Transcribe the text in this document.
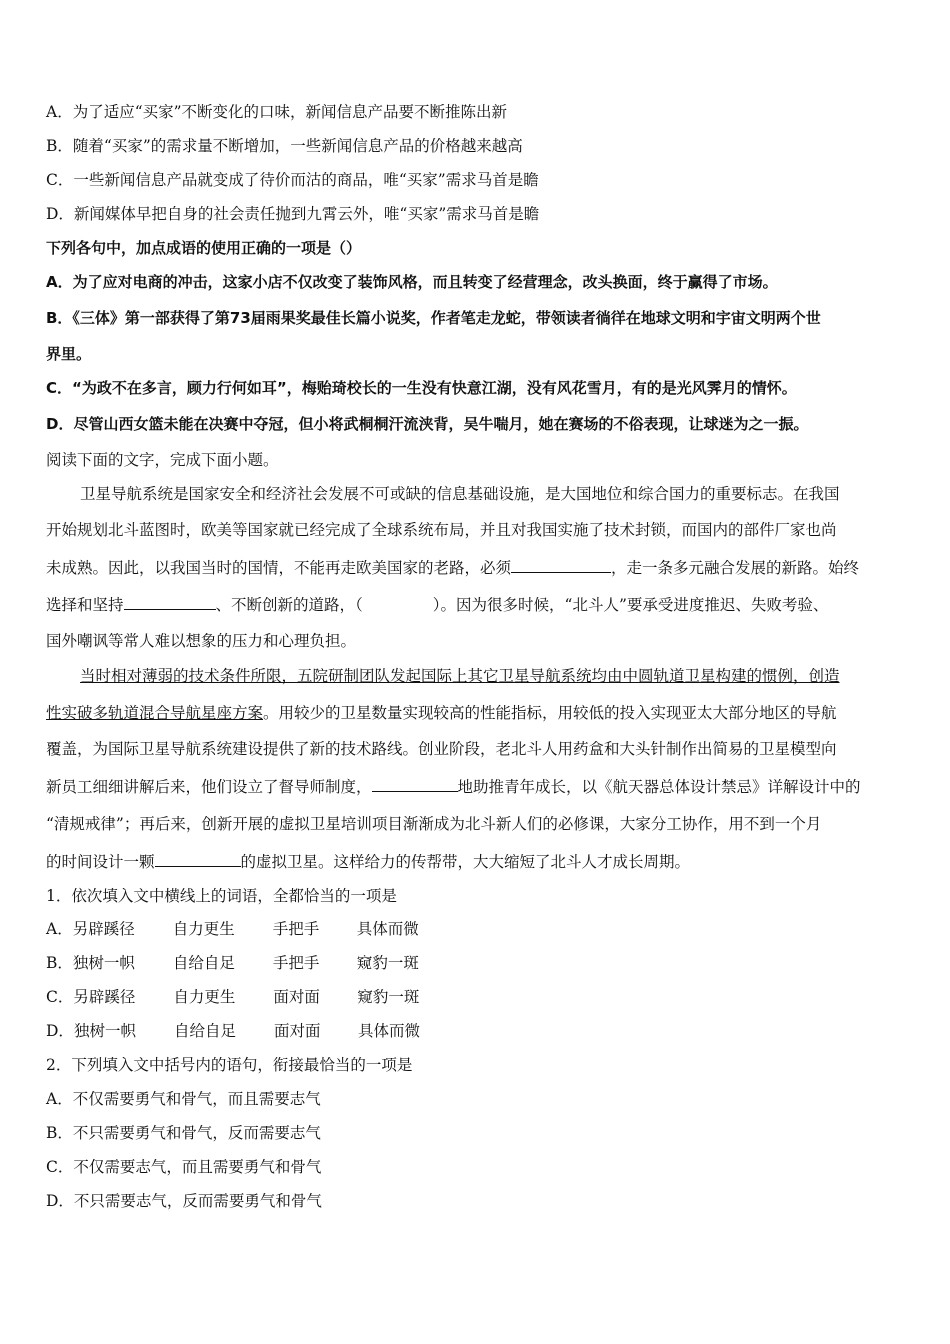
A．为了适应“买家”不断变化的口味，新闻信息产品要不断推陈出新
B．随着“买家”的需求量不断增加，一些新闻信息产品的价格越来越高
C．一些新闻信息产品就变成了待价而沽的商品，唯“买家”需求马首是瞻
D．新闻媒体早把自身的社会责任抛到九霄云外，唯“买家”需求马首是瞻
下列各句中，加点成语的使用正确的一项是（）
A．为了应对电商的冲击，这家小店不仅改变了装饰风格，而且转变了经营理念，改头换面，终于赢得了市场。
B．《三体》第一部获得了第73届雨果奖最佳长篇小说奖，作者笔走龙蛇，带领读者徜徉在地球文明和宇宙文明两个世
界里。
C．“为政不在多言，顾力行何如耳”，梅贻琦校长的一生没有快意江湖，没有风花雪月，有的是光风霁月的情怀。
D．尽管山西女篮未能在决赛中夺冠，但小将武桐桐汗流浃背，吴牛喘月，她在赛场的不俗表现，让球迷为之一振。
阅读下面的文字，完成下面小题。
卫星导航系统是国家安全和经济社会发展不可或缺的信息基础设施，是大国地位和综合国力的重要标志。在我国
开始规划北斗蓝图时，欧美等国家就已经完成了全球系统布局，并且对我国实施了技术封锁，而国内的部件厂家也尚
未成熟。因此，以我国当时的国情，不能再走欧美国家的老路，必须	，走一条多元融合发展的新路。始终
选择和坚持	、不断创新的道路，（	）。因为很多时候，“北斗人”要承受进度推迟、失败考验、
国外嘲讽等常人难以想象的压力和心理负担。
当时相对薄弱的技术条件所限，五院研制团队发起国际上其它卫星导航系统均由中圆轨道卫星构建的惯例，创造
性实破多轨道混合导航星座方案。用较少的卫星数量实现较高的性能指标，用较低的投入实现亚太大部分地区的导航
覆盖，为国际卫星导航系统建设提供了新的技术路线。创业阶段，老北斗人用药盒和大头针制作出简易的卫星模型向
新员工细细讲解后来，他们设立了督导师制度，	地助推青年成长，以《航天器总体设计禁忌》详解设计中的
“清规戒律”；再后来，创新开展的虚拟卫星培训项目渐渐成为北斗新人们的必修课，大家分工协作，用不到一个月
的时间设计一颗	的虚拟卫星。这样给力的传帮带，大大缩短了北斗人才成长周期。
1．依次填入文中横线上的词语，全都恰当的一项是
A．另辟蹊径 自力更生 手把手 具体而微
B．独树一帜 自给自足 手把手 窥豹一斑
C．另辟蹊径 自力更生 面对面 窥豹一斑
D．独树一帜 自给自足 面对面 具体而微
2．下列填入文中括号内的语句，衔接最恰当的一项是
A．不仅需要勇气和骨气，而且需要志气
B．不只需要勇气和骨气，反而需要志气
C．不仅需要志气，而且需要勇气和骨气
D．不只需要志气，反而需要勇气和骨气
